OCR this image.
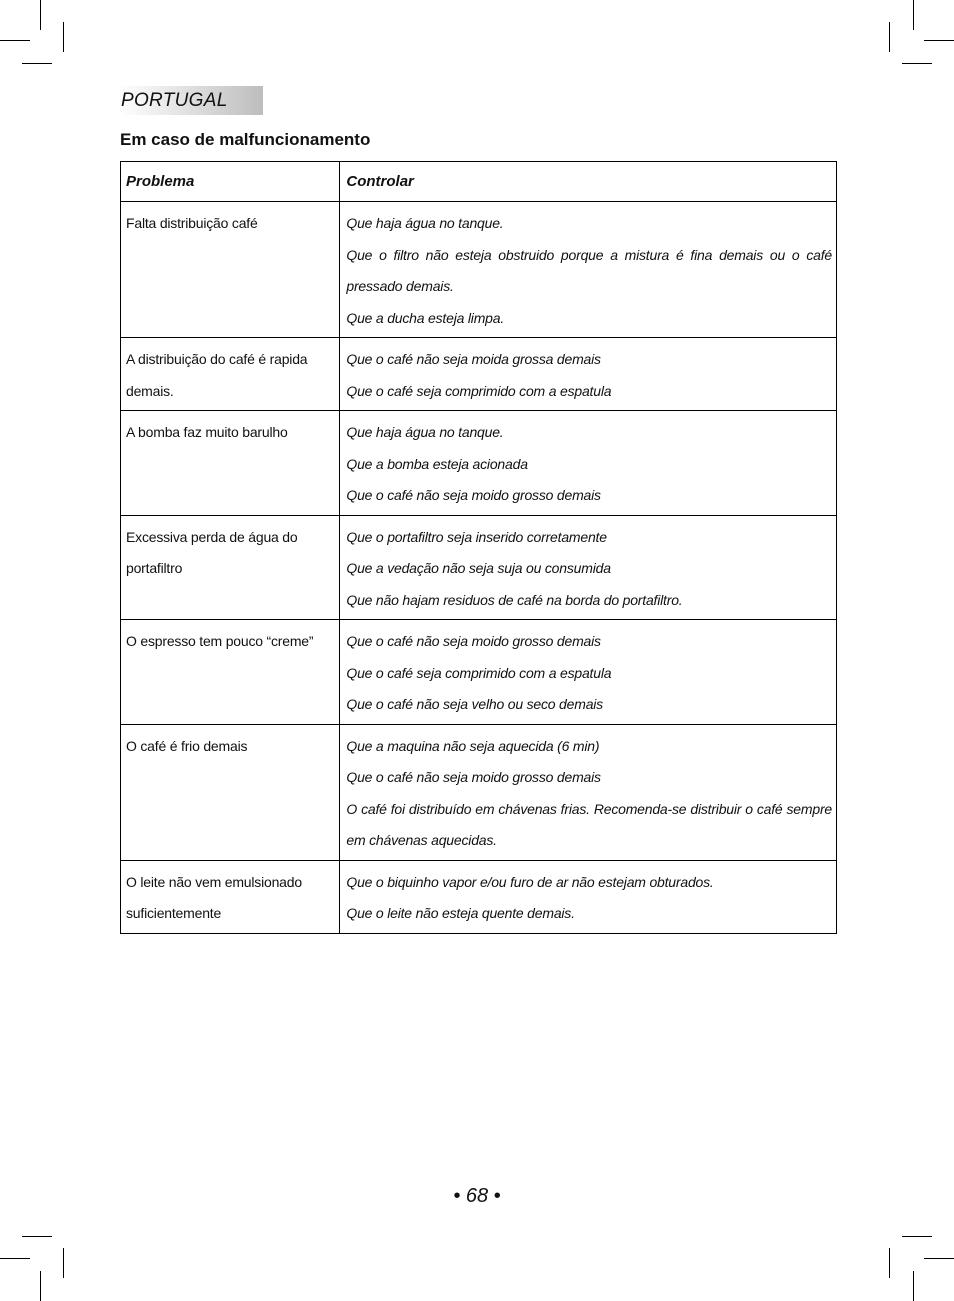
PORTUGAL
Em caso de malfuncionamento
Problema	Controlar
Falta distribuição café	Que haja água no tanque.

Que o filtro não esteja obstruido porque a mistura é fina demais ou o café pressado demais.

Que a ducha esteja limpa.

A distribuição do café é rapida demais.	Que o café não seja moida grossa demais

Que o café seja comprimido com a espatula

A bomba faz muito barulho	Que haja água no tanque.

Que a bomba esteja acionada

Que o café não seja moido grosso demais

Excessiva perda de água do portafiltro	Que o portafiltro seja inserido corretamente

Que a vedação não seja suja ou consumida

Que não hajam residuos de café na borda do portafiltro.

O espresso tem pouco “creme”	Que o café não seja moido grosso demais

Que o café seja comprimido com a espatula

Que o café não seja velho ou seco demais

O café é frio demais	Que a maquina não seja aquecida (6 min)

Que o café não seja moido grosso demais

O café foi distribuído em chávenas frias. Recomenda-se distribuir o café sempre em chávenas aquecidas.

O leite não vem emulsionado suficientemente	Que o biquinho vapor e/ou furo de ar não estejam obturados.

Que o leite não esteja quente demais.

• 68 •
